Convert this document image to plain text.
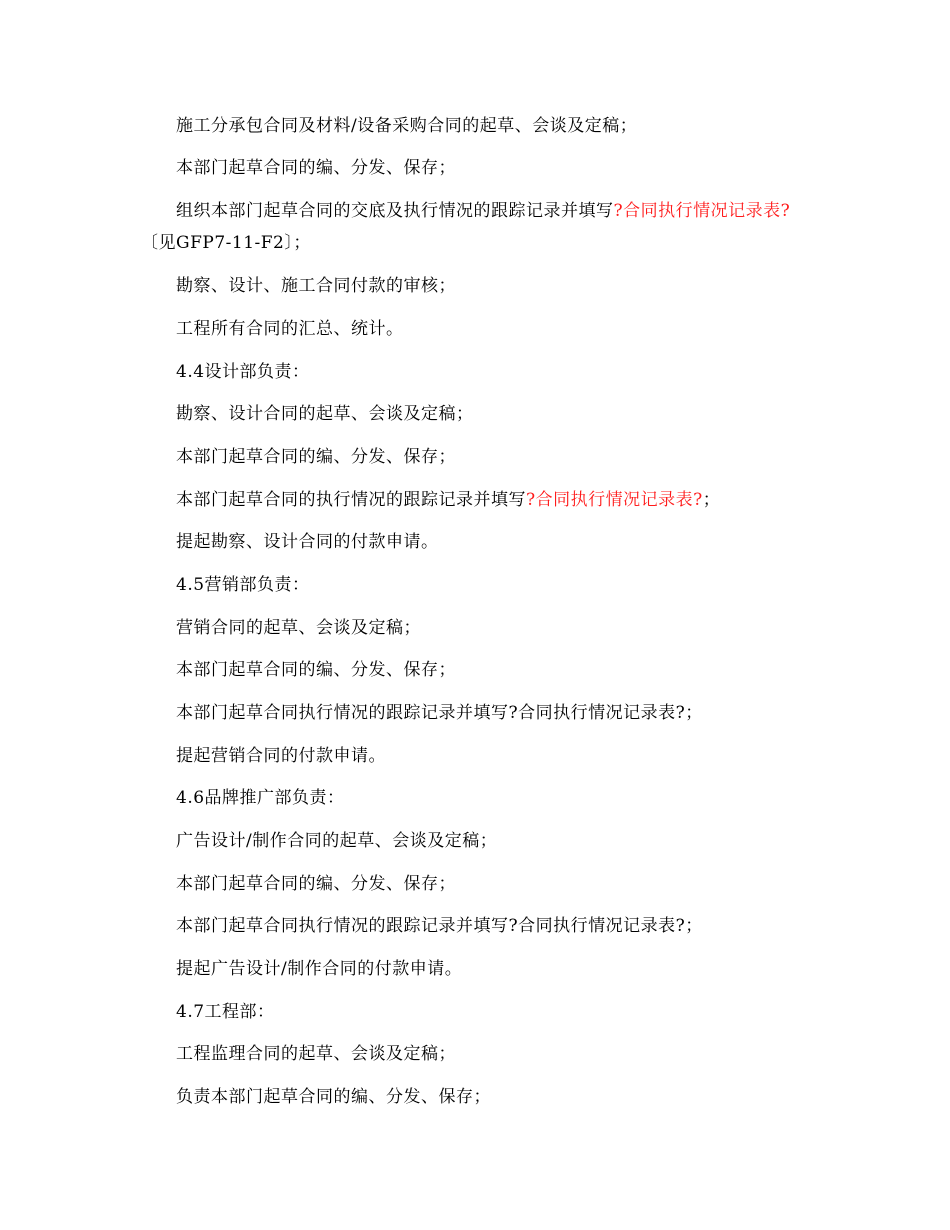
施工分承包合同及材料/设备采购合同的起草、会谈及定稿；
本部门起草合同的编、分发、保存；
组织本部门起草合同的交底及执行情况的跟踪记录并填写?合同执行情况记录表?〔见GFP7-11-F2〕；
勘察、设计、施工合同付款的审核；
工程所有合同的汇总、统计。
4.4设计部负责：
勘察、设计合同的起草、会谈及定稿；
本部门起草合同的编、分发、保存；
本部门起草合同的执行情况的跟踪记录并填写?合同执行情况记录表?；
提起勘察、设计合同的付款申请。
4.5营销部负责：
营销合同的起草、会谈及定稿；
本部门起草合同的编、分发、保存；
本部门起草合同执行情况的跟踪记录并填写?合同执行情况记录表?；
提起营销合同的付款申请。
4.6品牌推广部负责：
广告设计/制作合同的起草、会谈及定稿；
本部门起草合同的编、分发、保存；
本部门起草合同执行情况的跟踪记录并填写?合同执行情况记录表?；
提起广告设计/制作合同的付款申请。
4.7工程部：
工程监理合同的起草、会谈及定稿；
负责本部门起草合同的编、分发、保存；
